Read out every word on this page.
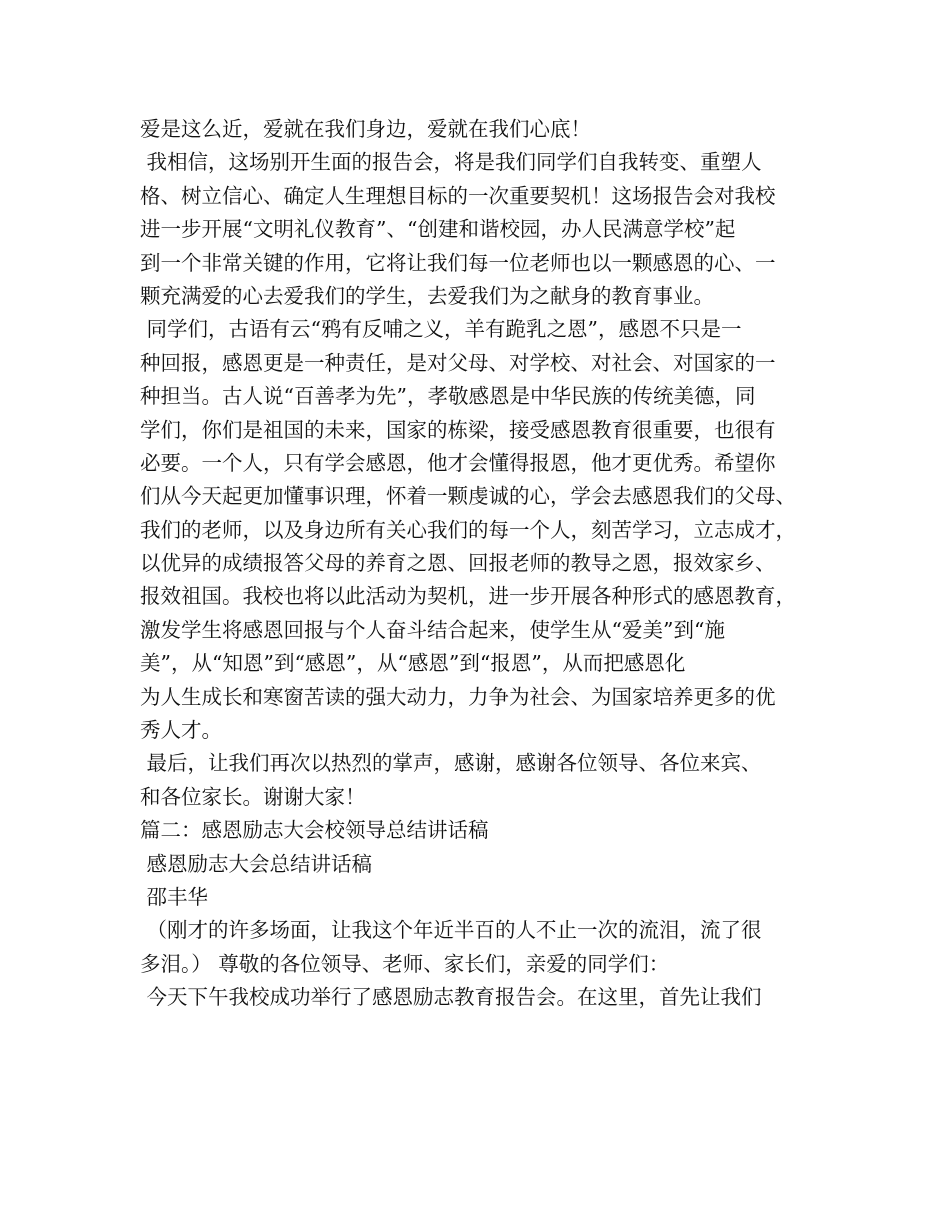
爱是这么近，爱就在我们身边，爱就在我们心底！
我相信，这场别开生面的报告会，将是我们同学们自我转变、重塑人
格、树立信心、确定人生理想目标的一次重要契机！这场报告会对我校
进一步开展“文明礼仪教育”、“创建和谐校园，办人民满意学校”起
到一个非常关键的作用，它将让我们每一位老师也以一颗感恩的心、一
颗充满爱的心去爱我们的学生，去爱我们为之献身的教育事业。
同学们，古语有云“鸦有反哺之义，羊有跪乳之恩”，感恩不只是一
种回报，感恩更是一种责任，是对父母、对学校、对社会、对国家的一
种担当。古人说“百善孝为先”，孝敬感恩是中华民族的传统美德，同
学们，你们是祖国的未来，国家的栋梁，接受感恩教育很重要，也很有
必要。一个人，只有学会感恩，他才会懂得报恩，他才更优秀。希望你
们从今天起更加懂事识理，怀着一颗虔诚的心，学会去感恩我们的父母、
我们的老师，以及身边所有关心我们的每一个人，刻苦学习，立志成才，
以优异的成绩报答父母的养育之恩、回报老师的教导之恩，报效家乡、
报效祖国。我校也将以此活动为契机，进一步开展各种形式的感恩教育，
激发学生将感恩回报与个人奋斗结合起来，使学生从“爱美”到“施
美”，从“知恩”到“感恩”，从“感恩”到“报恩”，从而把感恩化
为人生成长和寒窗苦读的强大动力，力争为社会、为国家培养更多的优
秀人才。
最后，让我们再次以热烈的掌声，感谢，感谢各位领导、各位来宾、
和各位家长。谢谢大家！
篇二：感恩励志大会校领导总结讲话稿
感恩励志大会总结讲话稿
邵丰华
（刚才的许多场面，让我这个年近半百的人不止一次的流泪，流了很
多泪。） 尊敬的各位领导、老师、家长们，亲爱的同学们：
今天下午我校成功举行了感恩励志教育报告会。在这里，首先让我们
